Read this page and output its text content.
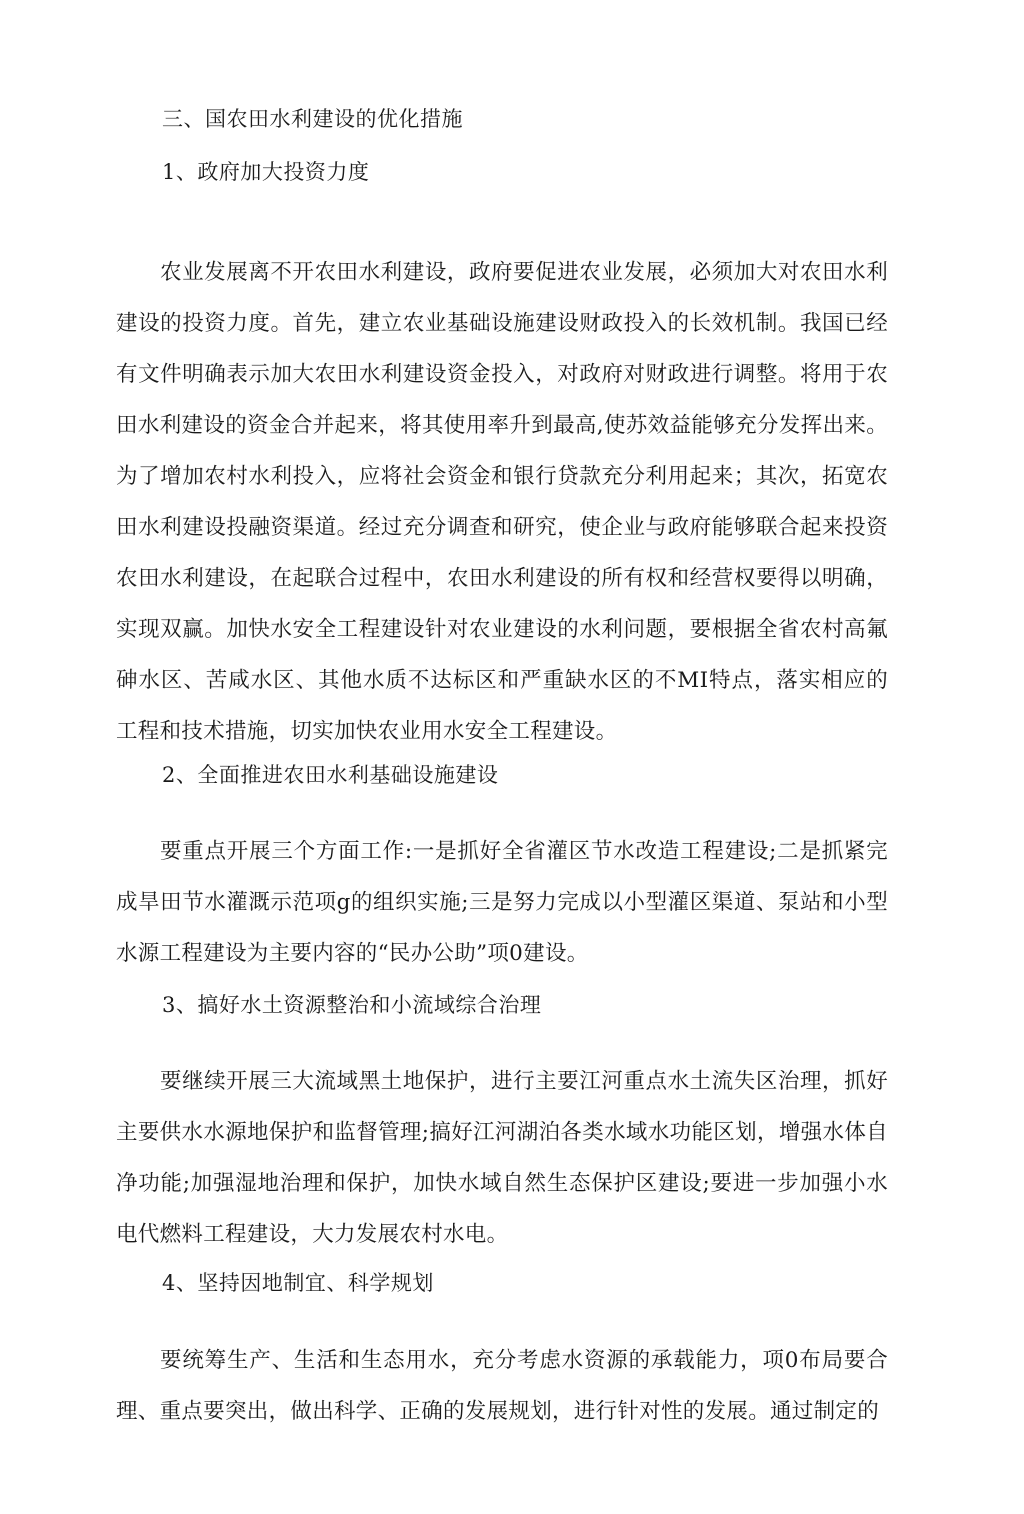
三、国农田水利建设的优化措施
1、政府加大投资力度
农业发展离不开农田水利建设，政府要促进农业发展，必须加大对农田水利建设的投资力度。首先，建立农业基础设施建设财政投入的长效机制。我国已经有文件明确表示加大农田水利建设资金投入，对政府对财政进行调整。将用于农田水利建设的资金合并起来，将其使用率升到最高,使苏效益能够充分发挥出来。为了增加农村水利投入，应将社会资金和银行贷款充分利用起来；其次，拓宽农田水利建设投融资渠道。经过充分调查和研究，使企业与政府能够联合起来投资农田水利建设，在起联合过程中，农田水利建设的所有权和经营权要得以明确，实现双赢。加快水安全工程建设针对农业建设的水利问题，要根据全省农村高氟砷水区、苦咸水区、其他水质不达标区和严重缺水区的不MI特点，落实相应的工程和技术措施，切实加快农业用水安全工程建设。
2、全面推进农田水利基础设施建设
要重点开展三个方面工作:一是抓好全省灌区节水改造工程建设;二是抓紧完成旱田节水灌溉示范项g的组织实施;三是努力完成以小型灌区渠道、泵站和小型水源工程建设为主要内容的“民办公助”项0建设。
3、搞好水土资源整治和小流域综合治理
要继续开展三大流域黑土地保护，进行主要江河重点水土流失区治理，抓好主要供水水源地保护和监督管理;搞好江河湖泊各类水域水功能区划，增强水体自净功能;加强湿地治理和保护，加快水域自然生态保护区建设;要进一步加强小水电代燃料工程建设，大力发展农村水电。
4、坚持因地制宜、科学规划
要统筹生产、生活和生态用水，充分考虑水资源的承载能力，项0布局要合理、重点要突出，做出科学、正确的发展规划，进行针对性的发展。通过制定的
